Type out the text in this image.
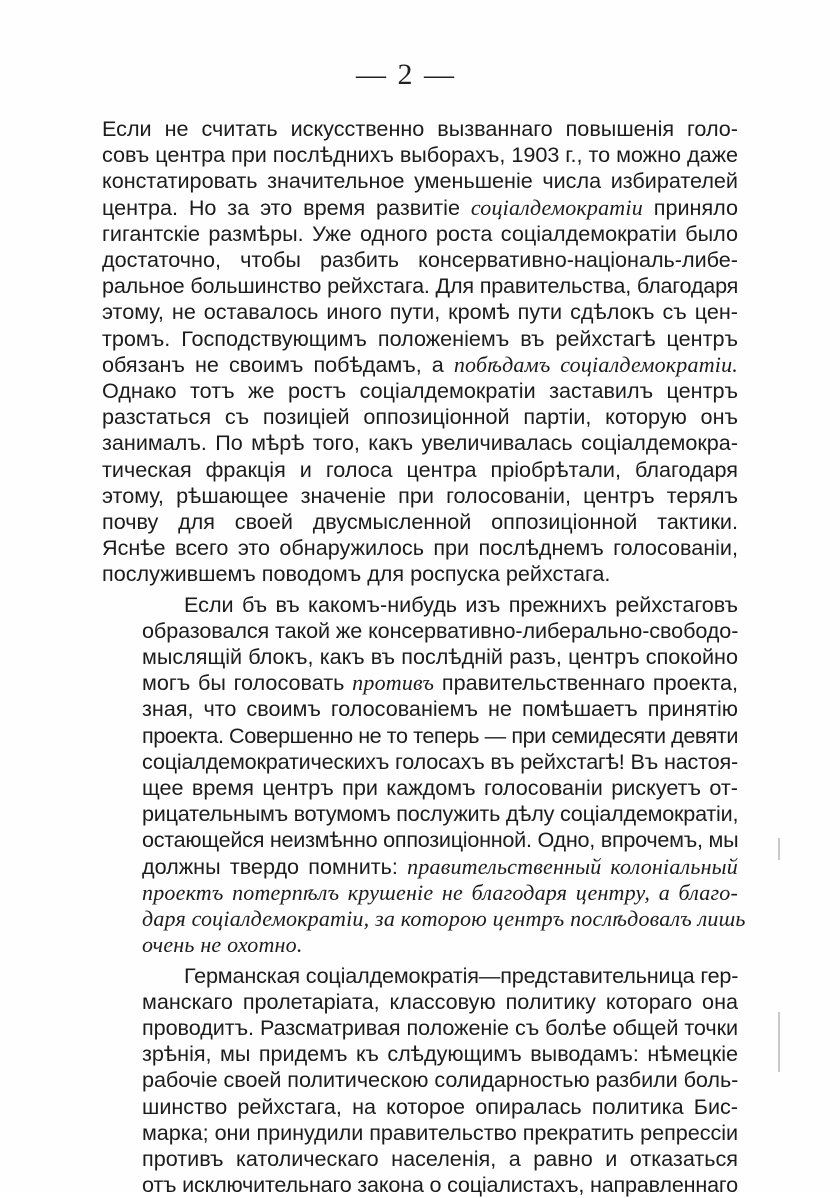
— 2 —
Если не считать искусственно вызваннаго повышенія голо-
совъ центра при послѣднихъ выборахъ, 1903 г., то можно даже
констатировать значительное уменьшеніе числа избирателей
центра. Но за это время развитіе соціалдемократіи приняло
гигантскіе размѣры. Уже одного роста соціалдемократіи было
достаточно, чтобы разбить консервативно-національ-либе-
ральное большинство рейхстага. Для правительства, благодаря
этому, не оставалось иного пути, кромѣ пути сдѣлокъ съ цен-
тромъ. Господствующимъ положеніемъ въ рейхстагѣ центръ
обязанъ не своимъ побѣдамъ, а побѣдамъ соціалдемократіи.
Однако тотъ же ростъ соціалдемократіи заставилъ центръ
разстаться съ позиціей оппозиціонной партіи, которую онъ
занималъ. По мѣрѣ того, какъ увеличивалась соціалдемокра-
тическая фракція и голоса центра пріобрѣтали, благодаря
этому, рѣшающее значеніе при голосованіи, центръ терялъ
почву для своей двусмысленной оппозиціонной тактики.
Яснѣе всего это обнаружилось при послѣднемъ голосованіи,
послужившемъ поводомъ для роспуска рейхстага.
Если бъ въ какомъ-нибудь изъ прежнихъ рейхстаговъ
образовался такой же консервативно-либерально-свободо-
мыслящій блокъ, какъ въ послѣдній разъ, центръ спокойно
могъ бы голосовать противъ правительственнаго проекта,
зная, что своимъ голосованіемъ не помѣшаетъ принятію
проекта. Совершенно не то теперь — при семидесяти девяти
соціалдемократическихъ голосахъ въ рейхстагѣ! Въ настоя-
щее время центръ при каждомъ голосованіи рискуетъ от-
рицательнымъ вотумомъ послужить дѣлу соціалдемократіи,
остающейся неизмѣнно оппозиціонной. Одно, впрочемъ, мы
должны твердо помнить: правительственный колоніальный
проектъ потерпѣлъ крушеніе не благодаря центру, а благо-
даря соціалдемократіи, за которою центръ послѣдовалъ лишь
очень не охотно.
Германская соціалдемократія—представительница гер-
манскаго пролетаріата, классовую политику котораго она
проводитъ. Разсматривая положеніе съ болѣе общей точки
зрѣнія, мы придемъ къ слѣдующимъ выводамъ: нѣмецкіе
рабочіе своей политическою солидарностью разбили боль-
шинство рейхстага, на которое опиралась политика Бис-
марка; они принудили правительство прекратить репрессіи
противъ католическаго населенія, а равно и отказаться
отъ исключительнаго закона о соціалистахъ, направленнаго
